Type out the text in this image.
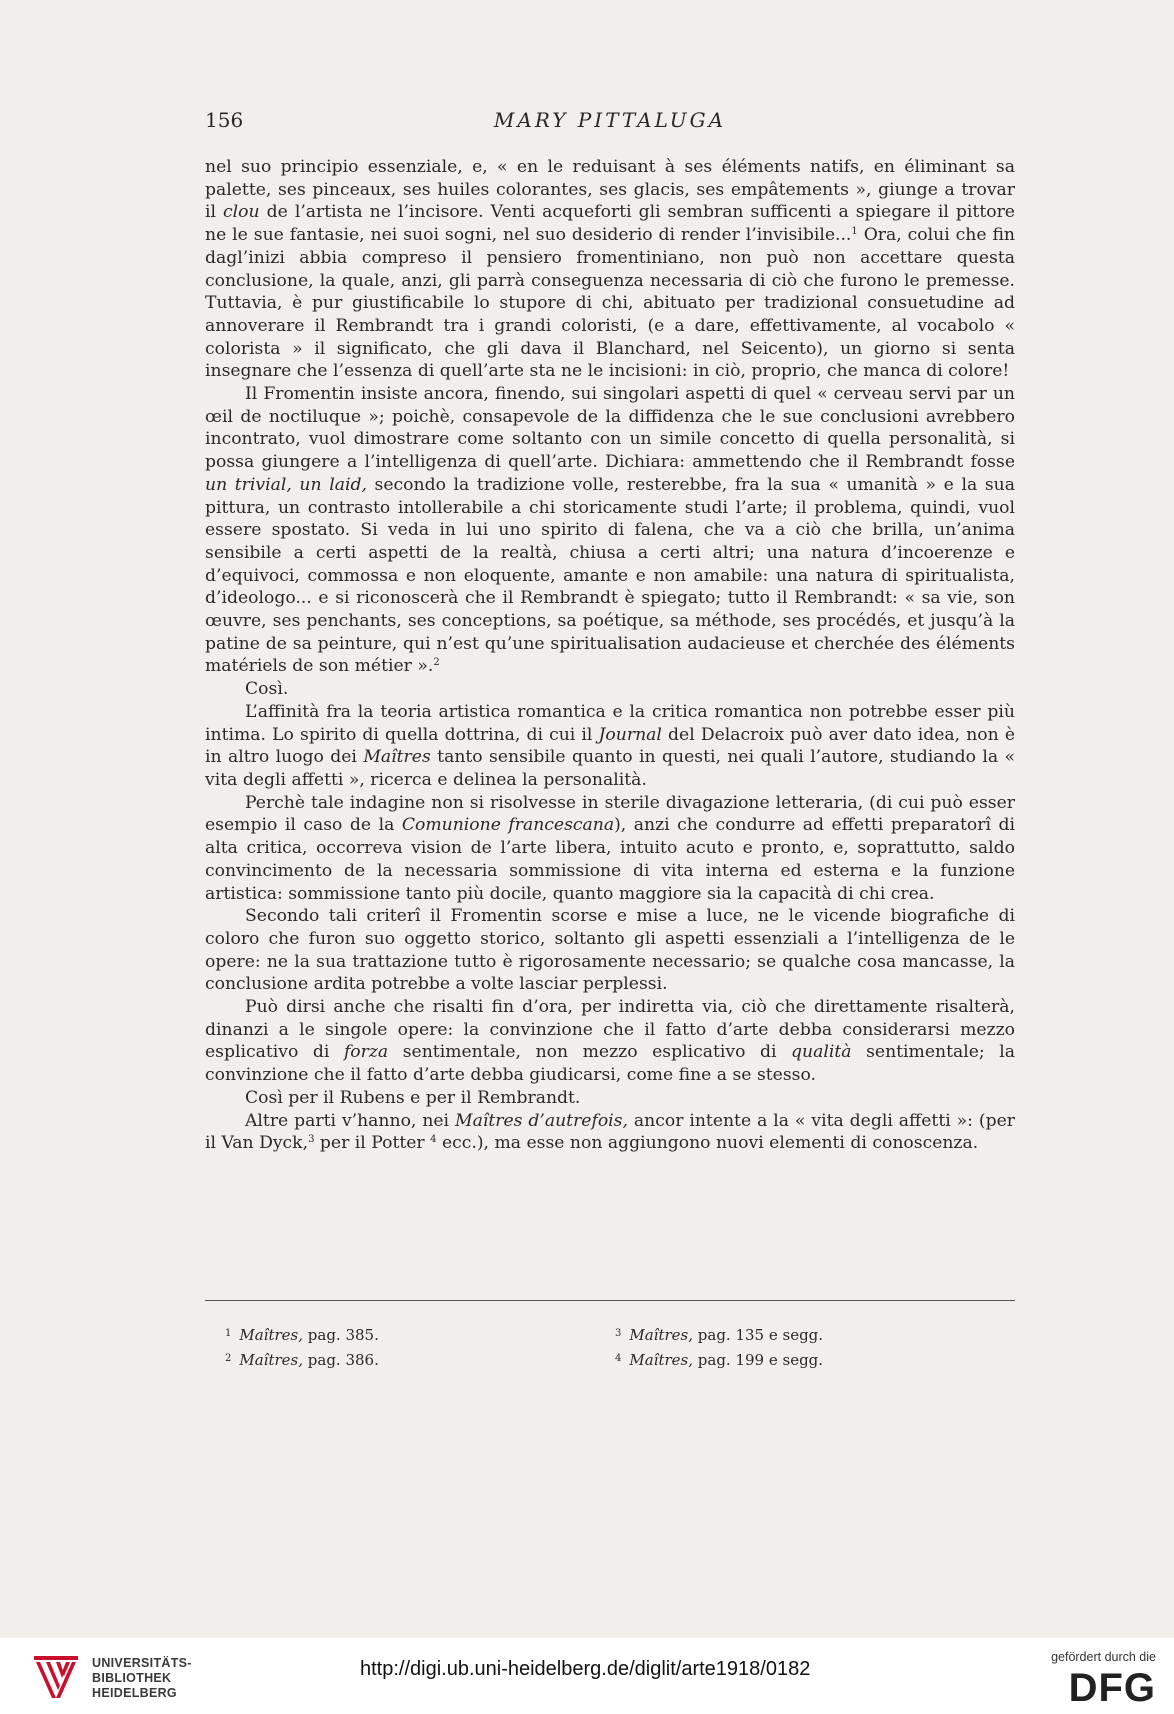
156	MARY PITTALUGA

nel suo principio essenziale, e, « en le reduisant à ses éléments natifs, en éliminant sa palette, ses pinceaux, ses huiles colorantes, ses glacis, ses empâtements », giunge a trovar il clou de l’artista ne l’incisore. Venti acqueforti gli sembran sufficenti a spiegare il pittore ne le sue fantasie, nei suoi sogni, nel suo desiderio di render l’invisibile...$^1$ Ora, colui che fin dagl’inizi abbia compreso il pensiero fromentiniano, non può non accettare questa conclusione, la quale, anzi, gli parrà conseguenza necessaria di ciò che furono le premesse. Tuttavia, è pur giustificabile lo stupore di chi, abituato per tradizional consuetudine ad annoverare il Rembrandt tra i grandi coloristi, (e a dare, effettivamente, al vocabolo « colorista » il significato, che gli dava il Blanchard, nel Seicento), un giorno si senta insegnare che l’essenza di quell’arte sta ne le incisioni: in ciò, proprio, che manca di colore!

Il Fromentin insiste ancora, finendo, sui singolari aspetti di quel « cerveau servi par un œil de noctiluque »; poichè, consapevole de la diffidenza che le sue conclusioni avrebbero incontrato, vuol dimostrare come soltanto con un simile concetto di quella personalità, si possa giungere a l’intelligenza di quell’arte. Dichiara: ammettendo che il Rembrandt fosse un trivial, un laid, secondo la tradizione volle, resterebbe, fra la sua « umanità » e la sua pittura, un contrasto intollerabile a chi storicamente studi l’arte; il problema, quindi, vuol essere spostato. Si veda in lui uno spirito di falena, che va a ciò che brilla, un’anima sensibile a certi aspetti de la realtà, chiusa a certi altri; una natura d’incoerenze e d’equivoci, commossa e non eloquente, amante e non amabile: una natura di spiritualista, d’ideologo... e si riconoscerà che il Rembrandt è spiegato; tutto il Rembrandt: « sa vie, son œuvre, ses penchants, ses conceptions, sa poétique, sa méthode, ses procédés, et jusqu’à la patine de sa peinture, qui n’est qu’une spiritualisation audacieuse et cherchée des éléments matériels de son métier ».$^2$

Così.

L’affinità fra la teoria artistica romantica e la critica romantica non potrebbe esser più intima. Lo spirito di quella dottrina, di cui il Journal del Delacroix può aver dato idea, non è in altro luogo dei Maîtres tanto sensibile quanto in questi, nei quali l’autore, studiando la « vita degli affetti », ricerca e delinea la personalità.

Perchè tale indagine non si risolvesse in sterile divagazione letteraria, (di cui può esser esempio il caso de la Comunione francescana), anzi che condurre ad effetti preparatorî di alta critica, occorreva vision de l’arte libera, intuito acuto e pronto, e, soprattutto, saldo convincimento de la necessaria sommissione di vita interna ed esterna e la funzione artistica: sommissione tanto più docile, quanto maggiore sia la capacità di chi crea.

Secondo tali criterî il Fromentin scorse e mise a luce, ne le vicende biografiche di coloro che furon suo oggetto storico, soltanto gli aspetti essenziali a l’intelligenza de le opere: ne la sua trattazione tutto è rigorosamente necessario; se qualche cosa mancasse, la conclusione ardita potrebbe a volte lasciar perplessi.

Può dirsi anche che risalti fin d’ora, per indiretta via, ciò che direttamente risalterà, dinanzi a le singole opere: la convinzione che il fatto d’arte debba considerarsi mezzo esplicativo di forza sentimentale, non mezzo esplicativo di qualità sentimentale; la convinzione che il fatto d’arte debba giudicarsi, come fine a se stesso.

Così per il Rubens e per il Rembrandt.

Altre parti v’hanno, nei Maîtres d’autrefois, ancor intente a la « vita degli affetti »: (per il Van Dyck,$^3$ per il Potter $^4$ ecc.), ma esse non aggiungono nuovi elementi di conoscenza.

$^1$ Maîtres, pag. 385.
$^2$ Maîtres, pag. 386.
$^3$ Maîtres, pag. 135 e segg.
$^4$ Maîtres, pag. 199 e segg.
UNIVERSITÄTS-
BIBLIOTHEK
HEIDELBERG
http://digi.ub.uni-heidelberg.de/diglit/arte1918/0182
gefördert durch die
DFG
